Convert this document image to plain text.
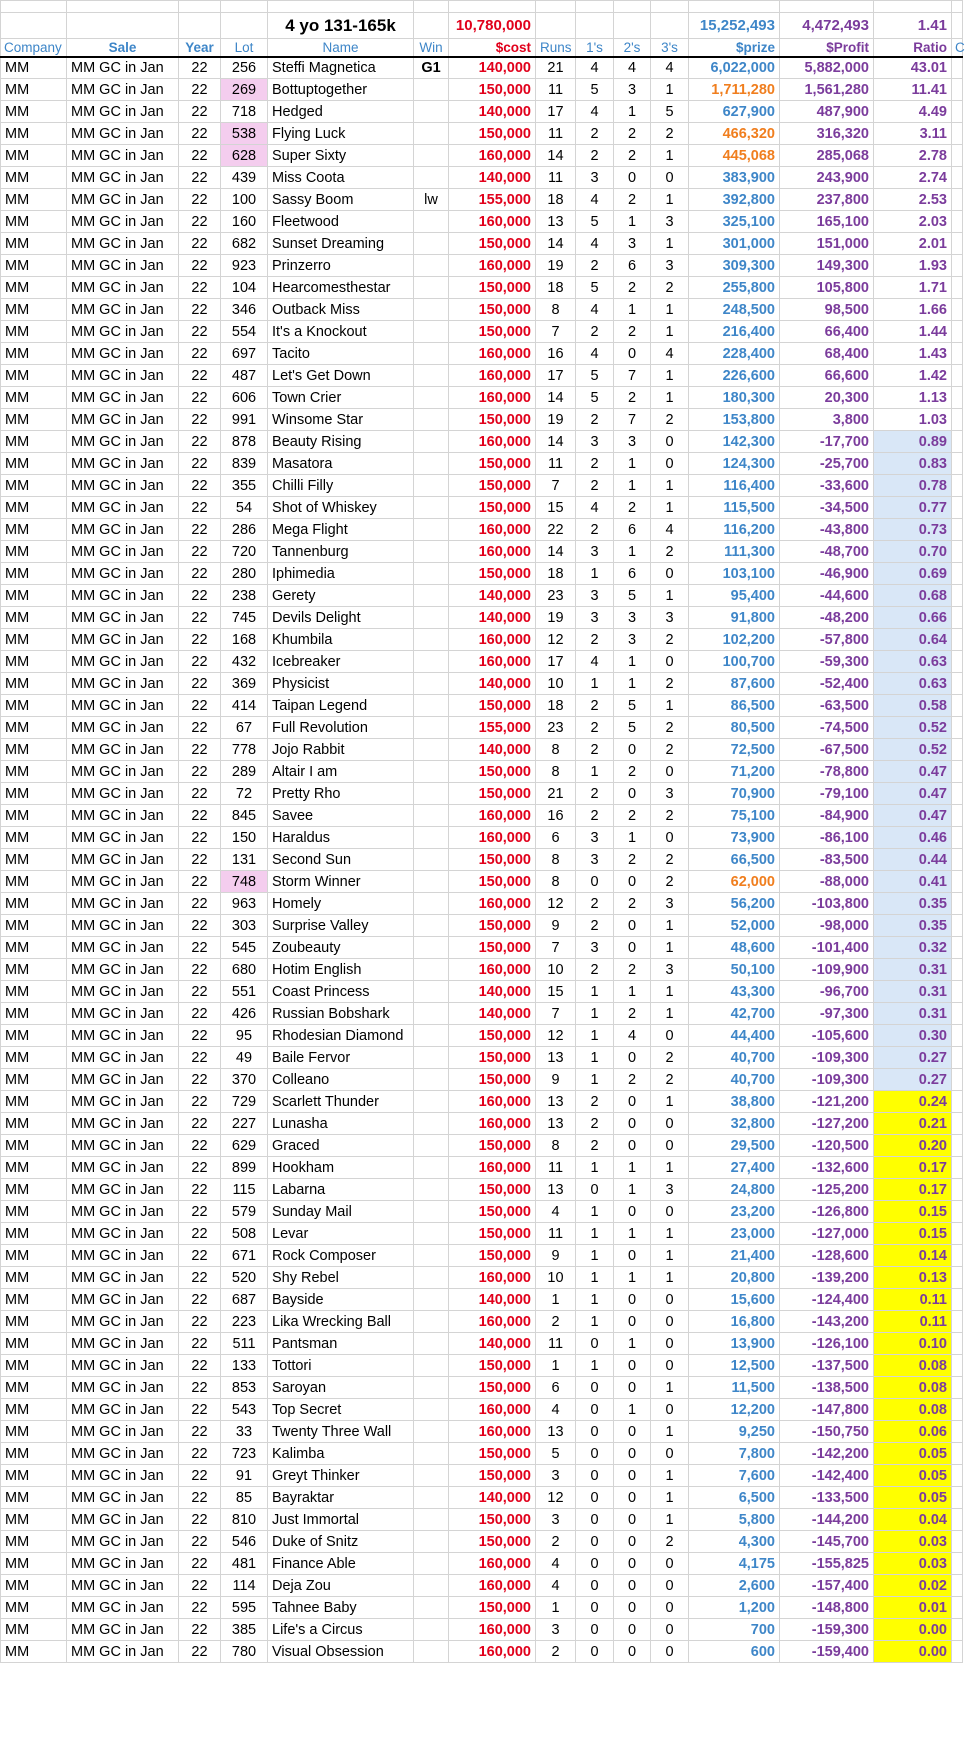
				4 yo 131-165k		10,780,000					15,252,493	4,472,493	1.41	
Company	Sale	Year	Lot	Name	Win	$cost	Runs	1's	2's	3's	$prize	$Profit	Ratio	C
MM	MM GC in Jan	22	256	Steffi Magnetica	G1	140,000	21	4	4	4	6,022,000	5,882,000	43.01	
MM	MM GC in Jan	22	269	Bottuptogether		150,000	11	5	3	1	1,711,280	1,561,280	11.41	
MM	MM GC in Jan	22	718	Hedged		140,000	17	4	1	5	627,900	487,900	4.49	
MM	MM GC in Jan	22	538	Flying Luck		150,000	11	2	2	2	466,320	316,320	3.11	
MM	MM GC in Jan	22	628	Super Sixty		160,000	14	2	2	1	445,068	285,068	2.78	
MM	MM GC in Jan	22	439	Miss Coota		140,000	11	3	0	0	383,900	243,900	2.74	
MM	MM GC in Jan	22	100	Sassy Boom	lw	155,000	18	4	2	1	392,800	237,800	2.53	
MM	MM GC in Jan	22	160	Fleetwood		160,000	13	5	1	3	325,100	165,100	2.03	
MM	MM GC in Jan	22	682	Sunset Dreaming		150,000	14	4	3	1	301,000	151,000	2.01	
MM	MM GC in Jan	22	923	Prinzerro		160,000	19	2	6	3	309,300	149,300	1.93	
MM	MM GC in Jan	22	104	Hearcomesthestar		150,000	18	5	2	2	255,800	105,800	1.71	
MM	MM GC in Jan	22	346	Outback Miss		150,000	8	4	1	1	248,500	98,500	1.66	
MM	MM GC in Jan	22	554	It's a Knockout		150,000	7	2	2	1	216,400	66,400	1.44	
MM	MM GC in Jan	22	697	Tacito		160,000	16	4	0	4	228,400	68,400	1.43	
MM	MM GC in Jan	22	487	Let's Get Down		160,000	17	5	7	1	226,600	66,600	1.42	
MM	MM GC in Jan	22	606	Town Crier		160,000	14	5	2	1	180,300	20,300	1.13	
MM	MM GC in Jan	22	991	Winsome Star		150,000	19	2	7	2	153,800	3,800	1.03	
MM	MM GC in Jan	22	878	Beauty Rising		160,000	14	3	3	0	142,300	-17,700	0.89	
MM	MM GC in Jan	22	839	Masatora		150,000	11	2	1	0	124,300	-25,700	0.83	
MM	MM GC in Jan	22	355	Chilli Filly		150,000	7	2	1	1	116,400	-33,600	0.78	
MM	MM GC in Jan	22	54	Shot of Whiskey		150,000	15	4	2	1	115,500	-34,500	0.77	
MM	MM GC in Jan	22	286	Mega Flight		160,000	22	2	6	4	116,200	-43,800	0.73	
MM	MM GC in Jan	22	720	Tannenburg		160,000	14	3	1	2	111,300	-48,700	0.70	
MM	MM GC in Jan	22	280	Iphimedia		150,000	18	1	6	0	103,100	-46,900	0.69	
MM	MM GC in Jan	22	238	Gerety		140,000	23	3	5	1	95,400	-44,600	0.68	
MM	MM GC in Jan	22	745	Devils Delight		140,000	19	3	3	3	91,800	-48,200	0.66	
MM	MM GC in Jan	22	168	Khumbila		160,000	12	2	3	2	102,200	-57,800	0.64	
MM	MM GC in Jan	22	432	Icebreaker		160,000	17	4	1	0	100,700	-59,300	0.63	
MM	MM GC in Jan	22	369	Physicist		140,000	10	1	1	2	87,600	-52,400	0.63	
MM	MM GC in Jan	22	414	Taipan Legend		150,000	18	2	5	1	86,500	-63,500	0.58	
MM	MM GC in Jan	22	67	Full Revolution		155,000	23	2	5	2	80,500	-74,500	0.52	
MM	MM GC in Jan	22	778	Jojo Rabbit		140,000	8	2	0	2	72,500	-67,500	0.52	
MM	MM GC in Jan	22	289	Altair I am		150,000	8	1	2	0	71,200	-78,800	0.47	
MM	MM GC in Jan	22	72	Pretty Rho		150,000	21	2	0	3	70,900	-79,100	0.47	
MM	MM GC in Jan	22	845	Savee		160,000	16	2	2	2	75,100	-84,900	0.47	
MM	MM GC in Jan	22	150	Haraldus		160,000	6	3	1	0	73,900	-86,100	0.46	
MM	MM GC in Jan	22	131	Second Sun		150,000	8	3	2	2	66,500	-83,500	0.44	
MM	MM GC in Jan	22	748	Storm Winner		150,000	8	0	0	2	62,000	-88,000	0.41	
MM	MM GC in Jan	22	963	Homely		160,000	12	2	2	3	56,200	-103,800	0.35	
MM	MM GC in Jan	22	303	Surprise Valley		150,000	9	2	0	1	52,000	-98,000	0.35	
MM	MM GC in Jan	22	545	Zoubeauty		150,000	7	3	0	1	48,600	-101,400	0.32	
MM	MM GC in Jan	22	680	Hotim English		160,000	10	2	2	3	50,100	-109,900	0.31	
MM	MM GC in Jan	22	551	Coast Princess		140,000	15	1	1	1	43,300	-96,700	0.31	
MM	MM GC in Jan	22	426	Russian Bobshark		140,000	7	1	2	1	42,700	-97,300	0.31	
MM	MM GC in Jan	22	95	Rhodesian Diamond		150,000	12	1	4	0	44,400	-105,600	0.30	
MM	MM GC in Jan	22	49	Baile Fervor		150,000	13	1	0	2	40,700	-109,300	0.27	
MM	MM GC in Jan	22	370	Colleano		150,000	9	1	2	2	40,700	-109,300	0.27	
MM	MM GC in Jan	22	729	Scarlett Thunder		160,000	13	2	0	1	38,800	-121,200	0.24	
MM	MM GC in Jan	22	227	Lunasha		160,000	13	2	0	0	32,800	-127,200	0.21	
MM	MM GC in Jan	22	629	Graced		150,000	8	2	0	0	29,500	-120,500	0.20	
MM	MM GC in Jan	22	899	Hookham		160,000	11	1	1	1	27,400	-132,600	0.17	
MM	MM GC in Jan	22	115	Labarna		150,000	13	0	1	3	24,800	-125,200	0.17	
MM	MM GC in Jan	22	579	Sunday Mail		150,000	4	1	0	0	23,200	-126,800	0.15	
MM	MM GC in Jan	22	508	Levar		150,000	11	1	1	1	23,000	-127,000	0.15	
MM	MM GC in Jan	22	671	Rock Composer		150,000	9	1	0	1	21,400	-128,600	0.14	
MM	MM GC in Jan	22	520	Shy Rebel		160,000	10	1	1	1	20,800	-139,200	0.13	
MM	MM GC in Jan	22	687	Bayside		140,000	1	1	0	0	15,600	-124,400	0.11	
MM	MM GC in Jan	22	223	Lika Wrecking Ball		160,000	2	1	0	0	16,800	-143,200	0.11	
MM	MM GC in Jan	22	511	Pantsman		140,000	11	0	1	0	13,900	-126,100	0.10	
MM	MM GC in Jan	22	133	Tottori		150,000	1	1	0	0	12,500	-137,500	0.08	
MM	MM GC in Jan	22	853	Saroyan		150,000	6	0	0	1	11,500	-138,500	0.08	
MM	MM GC in Jan	22	543	Top Secret		160,000	4	0	1	0	12,200	-147,800	0.08	
MM	MM GC in Jan	22	33	Twenty Three Wall		160,000	13	0	0	1	9,250	-150,750	0.06	
MM	MM GC in Jan	22	723	Kalimba		150,000	5	0	0	0	7,800	-142,200	0.05	
MM	MM GC in Jan	22	91	Greyt Thinker		150,000	3	0	0	1	7,600	-142,400	0.05	
MM	MM GC in Jan	22	85	Bayraktar		140,000	12	0	0	1	6,500	-133,500	0.05	
MM	MM GC in Jan	22	810	Just Immortal		150,000	3	0	0	1	5,800	-144,200	0.04	
MM	MM GC in Jan	22	546	Duke of Snitz		150,000	2	0	0	2	4,300	-145,700	0.03	
MM	MM GC in Jan	22	481	Finance Able		160,000	4	0	0	0	4,175	-155,825	0.03	
MM	MM GC in Jan	22	114	Deja Zou		160,000	4	0	0	0	2,600	-157,400	0.02	
MM	MM GC in Jan	22	595	Tahnee Baby		150,000	1	0	0	0	1,200	-148,800	0.01	
MM	MM GC in Jan	22	385	Life's a Circus		160,000	3	0	0	0	700	-159,300	0.00	
MM	MM GC in Jan	22	780	Visual Obsession		160,000	2	0	0	0	600	-159,400	0.00	
